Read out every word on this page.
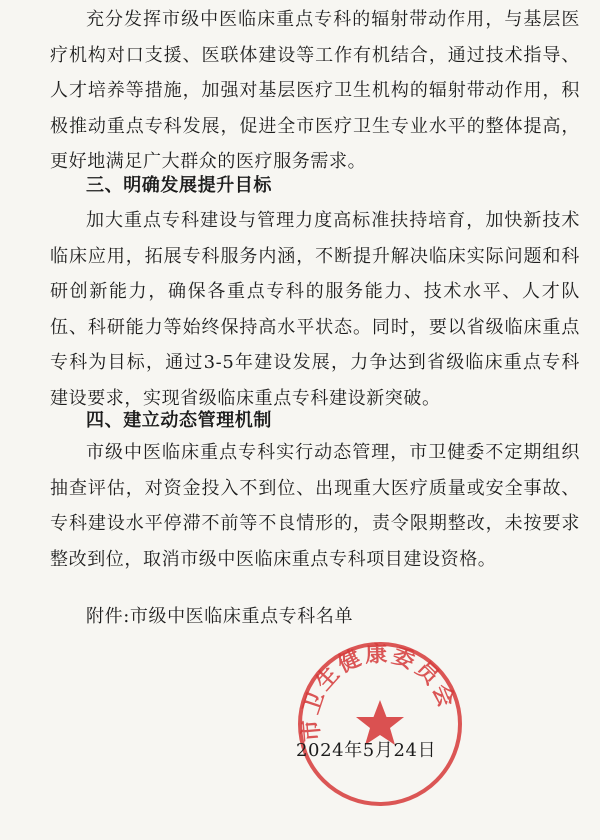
充分发挥市级中医临床重点专科的辐射带动作用，与基层医疗机构对口支援、医联体建设等工作有机结合，通过技术指导、人才培养等措施，加强对基层医疗卫生机构的辐射带动作用，积极推动重点专科发展，促进全市医疗卫生专业水平的整体提高，更好地满足广大群众的医疗服务需求。

三、明确发展提升目标

加大重点专科建设与管理力度高标准扶持培育，加快新技术临床应用，拓展专科服务内涵，不断提升解决临床实际问题和科研创新能力，确保各重点专科的服务能力、技术水平、人才队伍、科研能力等始终保持高水平状态。同时，要以省级临床重点专科为目标，通过3-5年建设发展，力争达到省级临床重点专科建设要求，实现省级临床重点专科建设新突破。

四、建立动态管理机制

市级中医临床重点专科实行动态管理，市卫健委不定期组织抽查评估，对资金投入不到位、出现重大医疗质量或安全事故、专科建设水平停滞不前等不良情形的，责令限期整改，未按要求整改到位，取消市级中医临床重点专科项目建设资格。

附件:市级中医临床重点专科名单

市卫生健康委员会

2024年5月24日
